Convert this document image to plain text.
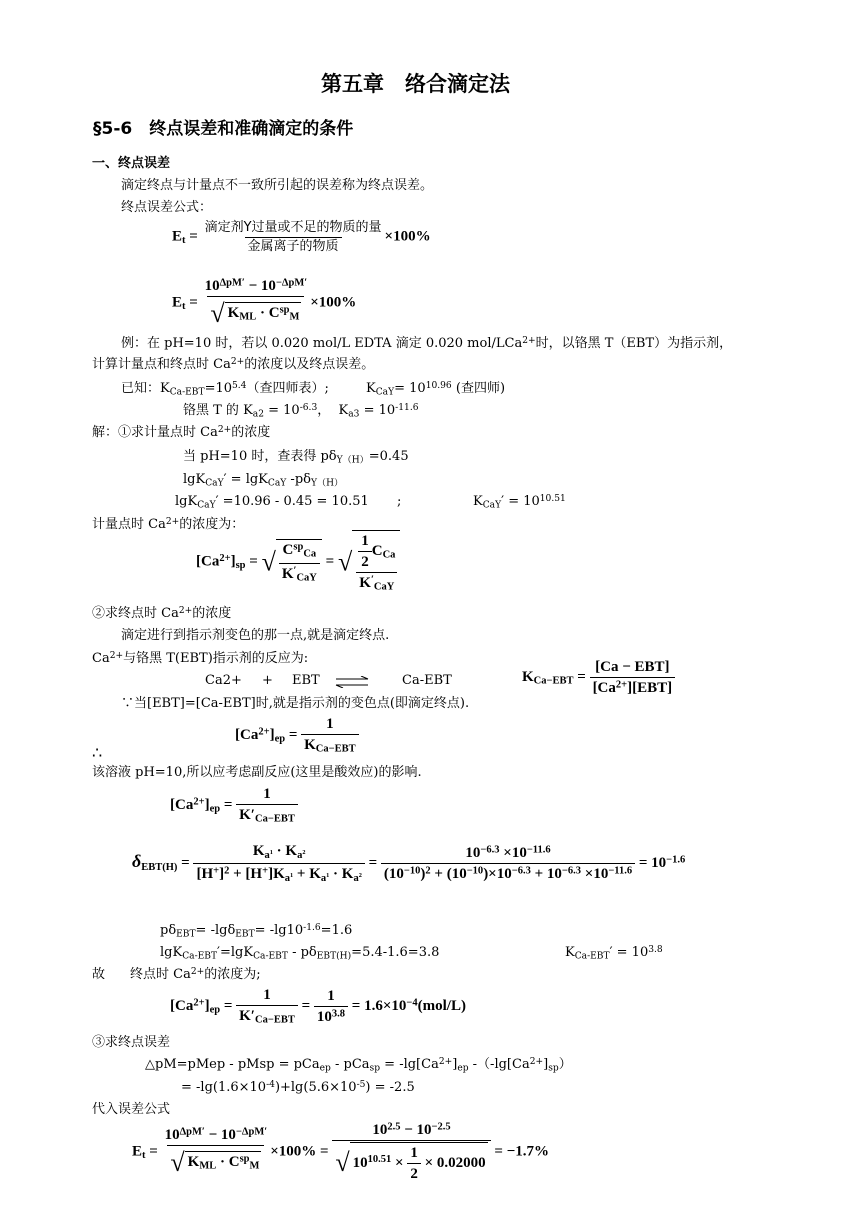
第五章　络合滴定法
§5-6　终点误差和准确滴定的条件
一、终点误差
滴定终点与计量点不一致所引起的误差称为终点误差。
终点误差公式：
$E_t = \frac{\text{滴定剂Y过量或不足的物质的量}}{\text{金属离子的物质}} \times 100\%$
$E_t = \frac{10^{\Delta pM'} - 10^{-\Delta pM'}}{√ K_{ML} \cdot C^{sp}_M} \times 100\%$
例：在 pH=10 时，若以 0.020 mol/L EDTA 滴定 0.020 mol/LCa$^{2+}$时，以铬黑 T（EBT）为指示剂，
计算计量点和终点时 $Ca^{2+}$的浓度以及终点误差。
已知：$K_{Ca-EBT}=10^{5.4}$（查四师表）;	$K_{CaY}= 10^{10.96}$ (查四师)
铬黑 T 的 $K_{a2} = 10^{-6.3}$， $K_{a3} = 10^{-11.6}$
解：①求计量点时 $Ca^{2+}$的浓度
当 pH=10 时，查表得 $p\delta_{Y(H)}=0.45$
lgK$_{CaY}$′ = lgK$_{CaY}$ $-p\delta_{Y(H)}$
lgK$_{CaY}$′ =10.96 - 0.45 = 10.51 ;	$K_{CaY}' = 10^{10.51}$
计量点时 $Ca^{2+}$的浓度为：
$[Ca^{2+}]_{sp}$ = √ $\frac{C^{sp}_{Ca}}{K'_{CaY}}$ = √ $\frac{\frac{1}{2} C_{Ca}}{K'_{CaY}}$
②求终点时 $Ca^{2+}$的浓度
滴定进行到指示剂变色的那一点,就是滴定终点.
$Ca^{2+}$与铬黑 T(EBT)指示剂的反应为:
Ca2+ + EBT ⇌ Ca-EBT	$K_{Ca-EBT} = \frac{\text{[Ca − EBT]}}{[Ca^{2+}][EBT]}$
∵当[EBT]=[Ca-EBT]时,就是指示剂的变色点(即滴定终点).
∴
$[Ca^{2+}]_{ep} = \frac{1}{K_{Ca-EBT}}$
该溶液 pH=10,所以应考虑副反应(这里是酸效应)的影响.
$[Ca^{2+}]_{ep} = \frac{1}{K'_{Ca-EBT}}$
$\delta_{EBT(H)} = \frac{K_{a^1} \cdot K_{a^2}}{[H^+]^2 + [H^+]K_{a^1} + K_{a^1} \cdot K_{a^2}} = \frac{10^{-6.3} \times 10^{-11.6}}{(10^{-10})^2 + (10^{-10})\times 10^{-6.3} + 10^{-6.3} \times 10^{-11.6}} = 10^{-1.6}$
$p\delta_{EBT}= -\lg\delta_{EBT}= -\lg 10^{-1.6}=1.6$
$\lg K_{Ca-EBT}'=\lg K_{Ca-EBT} - p\delta_{EBT(H)}=5.4-1.6=3.8$	$K_{Ca-EBT}' = 10^{3.8}$
故 终点时 $Ca^{2+}$的浓度为;
$[Ca^{2+}]_{ep} = \frac{1}{K'_{Ca-EBT}} = \frac{1}{10^{3.8}} = 1.6\times 10^{-4}(mol/L)$
③求终点误差
△pM=pMep - pMsp = $pCa_{ep} - pCa_{sp} = -\lg[Ca^{2+}]_{ep}$ $-(-\lg[Ca^{2+}]_{sp})$
= $-\lg(1.6\times 10^{-4})+\lg(5.6\times 10^{-5}) = -2.5$
代入误差公式
$E_t = \frac{10^{\Delta pM'} - 10^{-\Delta pM'}}{√ K_{ML} \cdot C^{sp}_M} \times 100\% = \frac{10^{2.5} - 10^{-2.5}}{√ 10^{10.51} \times \frac{1}{2} \times 0.02000} = -1.7\%$
